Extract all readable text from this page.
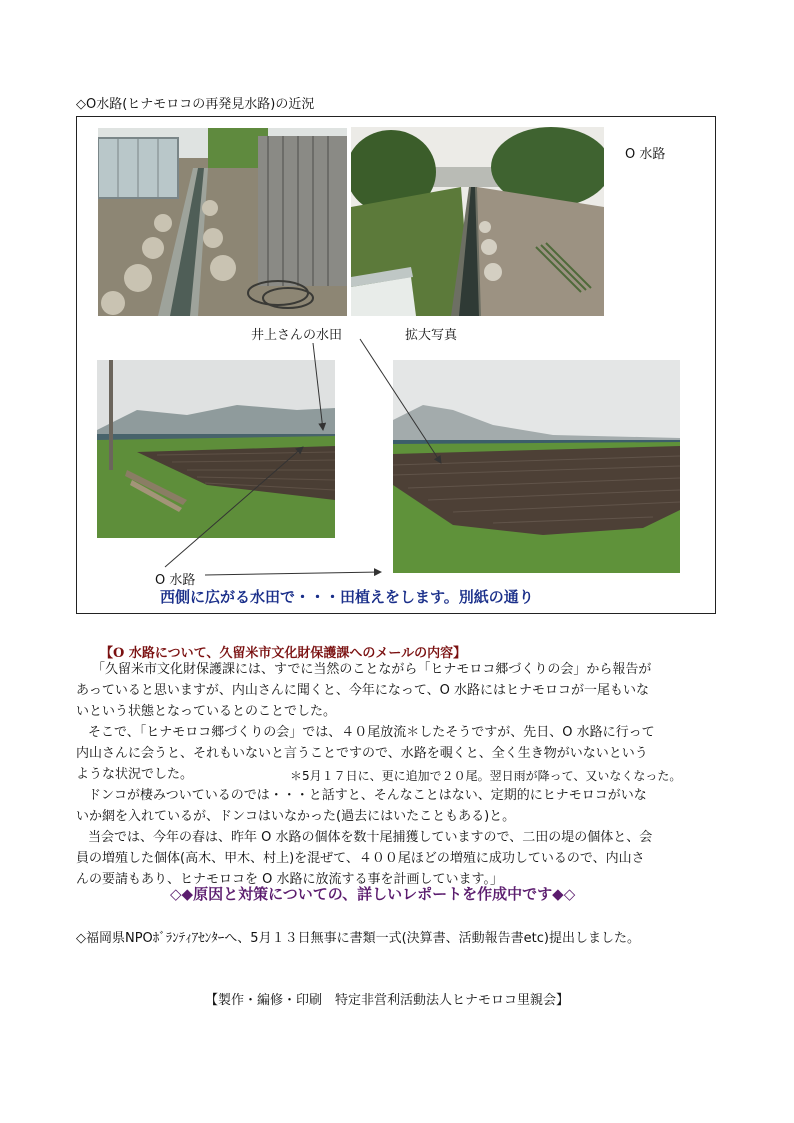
◇O水路(ヒナモロコの再発見水路)の近況
O 水路
井上さんの水田	拡大写真
O 水路
西側に広がる水田で・・・田植えをします。別紙の通り
【O 水路について、久留米市文化財保護課へのメールの内容】
「久留米市文化財保護課には、すでに当然のことながら「ヒナモロコ郷づくりの会」から報告が
あっていると思いますが、内山さんに聞くと、今年になって、O 水路にはヒナモロコが一尾もいな
いという状態となっているとのことでした。
そこで、「ヒナモロコ郷づくりの会」では、４０尾放流＊したそうですが、先日、O 水路に行って
内山さんに会うと、それもいないと言うことですので、水路を覗くと、全く生き物がいないという
ような状況でした。	＊5月１７日に、更に追加で２０尾。翌日雨が降って、又いなくなった。
ドンコが棲みついているのでは・・・と話すと、そんなことはない、定期的にヒナモロコがいな
いか網を入れているが、ドンコはいなかった(過去にはいたこともある)と。
当会では、今年の春は、昨年 O 水路の個体を数十尾捕獲していますので、二田の堤の個体と、会
員の増殖した個体(高木、甲木、村上)を混ぜて、４００尾ほどの増殖に成功しているので、内山さ
んの要請もあり、ヒナモロコを O 水路に放流する事を計画しています。」
◇◆原因と対策についての、詳しいレポートを作成中です◆◇
◇福岡県NPOﾎﾞﾗﾝﾃｨｱｾﾝﾀｰへ、5月１３日無事に書類一式(決算書、活動報告書etc)提出しました。
【製作・編修・印刷　特定非営利活動法人ヒナモロコ里親会】
